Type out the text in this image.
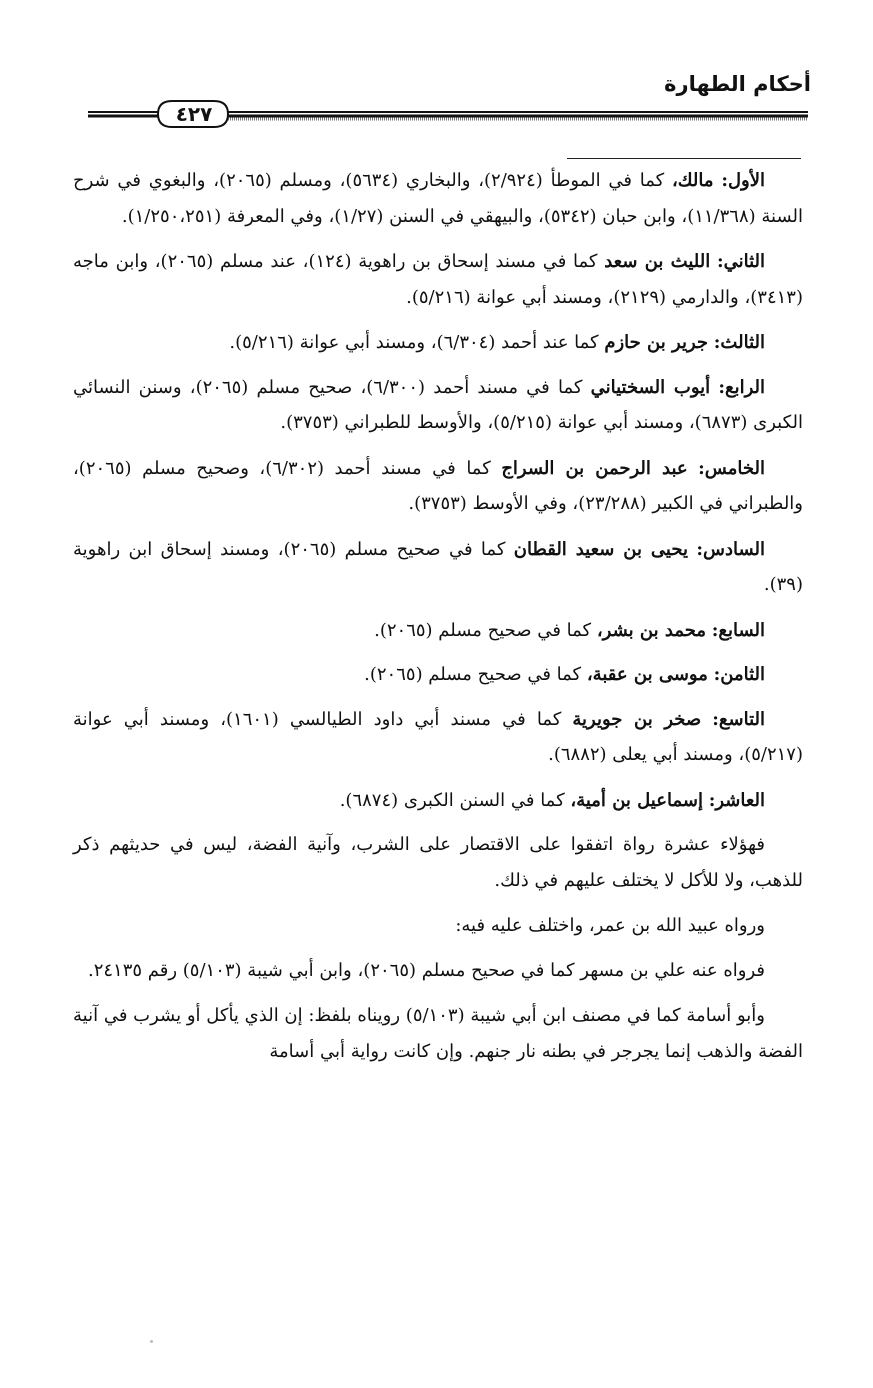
أحكام الطهارة
٤٢٧

الأول: مالك، كما في الموطأ (٢/٩٢٤)، والبخاري (٥٦٣٤)، ومسلم (٢٠٦٥)، والبغوي في شرح السنة (١١/٣٦٨)، وابن حبان (٥٣٤٢)، والبيهقي في السنن (١/٢٧)، وفي المعرفة (١/٢٥٠،٢٥١).

الثاني: الليث بن سعد كما في مسند إسحاق بن راهوية (١٢٤)، عند مسلم (٢٠٦٥)، وابن ماجه (٣٤١٣)، والدارمي (٢١٢٩)، ومسند أبي عوانة (٥/٢١٦).

الثالث: جرير بن حازم كما عند أحمد (٦/٣٠٤)، ومسند أبي عوانة (٥/٢١٦).

الرابع: أيوب السختياني كما في مسند أحمد (٦/٣٠٠)، صحيح مسلم (٢٠٦٥)، وسنن النسائي الكبرى (٦٨٧٣)، ومسند أبي عوانة (٥/٢١٥)، والأوسط للطبراني (٣٧٥٣).

الخامس: عبد الرحمن بن السراج كما في مسند أحمد (٦/٣٠٢)، وصحيح مسلم (٢٠٦٥)، والطبراني في الكبير (٢٣/٢٨٨)، وفي الأوسط (٣٧٥٣).

السادس: يحيى بن سعيد القطان كما في صحيح مسلم (٢٠٦٥)، ومسند إسحاق ابن راهوية (٣٩).

السابع: محمد بن بشر، كما في صحيح مسلم (٢٠٦٥).

الثامن: موسى بن عقبة، كما في صحيح مسلم (٢٠٦٥).

التاسع: صخر بن جويرية كما في مسند أبي داود الطيالسي (١٦٠١)، ومسند أبي عوانة (٥/٢١٧)، ومسند أبي يعلى (٦٨٨٢).

العاشر: إسماعيل بن أمية، كما في السنن الكبرى (٦٨٧٤).

فهؤلاء عشرة رواة اتفقوا على الاقتصار على الشرب، وآنية الفضة، ليس في حديثهم ذكر للذهب، ولا للأكل لا يختلف عليهم في ذلك.

ورواه عبيد الله بن عمر، واختلف عليه فيه:

فرواه عنه علي بن مسهر كما في صحيح مسلم (٢٠٦٥)، وابن أبي شيبة (٥/١٠٣) رقم ٢٤١٣٥.

وأبو أسامة كما في مصنف ابن أبي شيبة (٥/١٠٣) رويناه بلفظ: إن الذي يأكل أو يشرب في آنية الفضة والذهب إنما يجرجر في بطنه نار جنهم. وإن كانت رواية أبي أسامة
